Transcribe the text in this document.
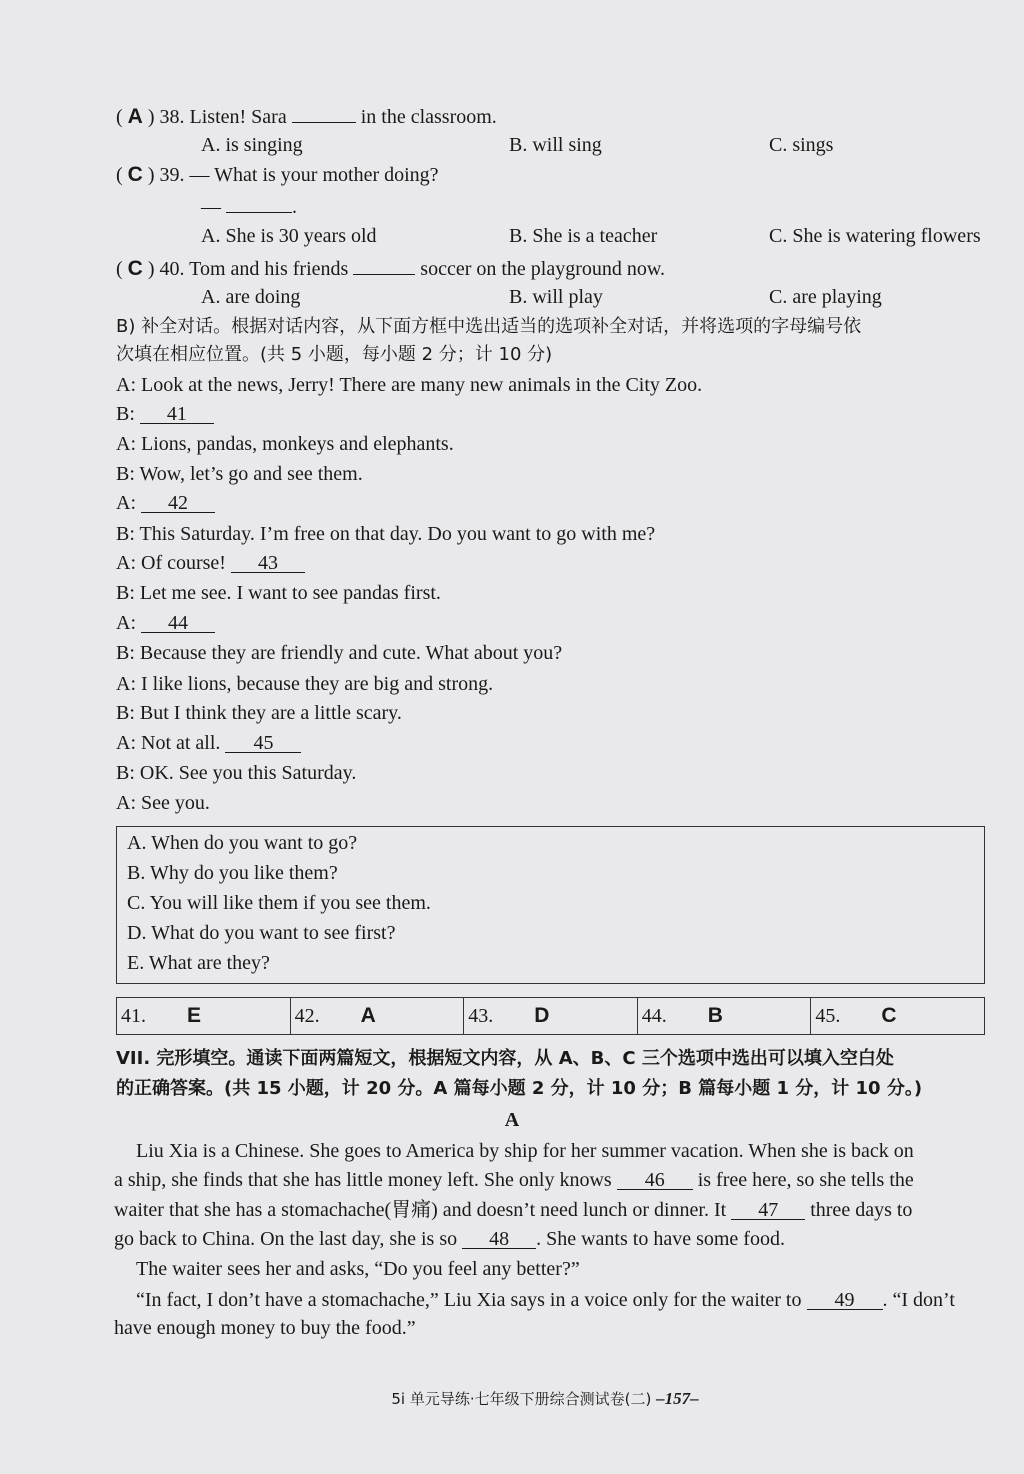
( A ) 38. Listen! Sara	in the classroom.
A. is singing	B. will sing	C. sings
( C ) 39. — What is your mother doing?
—	.
A. She is 30 years old	B. She is a teacher	C. She is watering flowers
( C ) 40. Tom and his friends	soccer on the playground now.
A. are doing	B. will play	C. are playing
B) 补全对话。根据对话内容，从下面方框中选出适当的选项补全对话，并将选项的字母编号依
次填在相应位置。(共 5 小题，每小题 2 分；计 10 分)
A: Look at the news, Jerry! There are many new animals in the City Zoo.
B: 41
A: Lions, pandas, monkeys and elephants.
B: Wow, let’s go and see them.
A: 42
B: This Saturday. I’m free on that day. Do you want to go with me?
A: Of course! 43
B: Let me see. I want to see pandas first.
A: 44
B: Because they are friendly and cute. What about you?
A: I like lions, because they are big and strong.
B: But I think they are a little scary.
A: Not at all. 45
B: OK. See you this Saturday.
A: See you.
A. When do you want to go?
B. Why do you like them?
C. You will like them if you see them.
D. What do you want to see first?
E. What are they?
41.	E	42.	A	43.	D	44.	B	45.	C
VII. 完形填空。通读下面两篇短文，根据短文内容，从 A、B、C 三个选项中选出可以填入空白处
的正确答案。(共 15 小题，计 20 分。A 篇每小题 2 分，计 10 分；B 篇每小题 1 分，计 10 分。)
A
Liu Xia is a Chinese. She goes to America by ship for her summer vacation. When she is back on
a ship, she finds that she has little money left. She only knows 46 is free here, so she tells the
waiter that she has a stomachache(胃痛) and doesn’t need lunch or dinner. It 47 three days to
go back to China. On the last day, she is so 48 . She wants to have some food.
The waiter sees her and asks, “Do you feel any better?”
“In fact, I don’t have a stomachache,” Liu Xia says in a voice only for the waiter to 49 . “I don’t
have enough money to buy the food.”
5i 单元导练·七年级下册综合测试卷(二) –157–
